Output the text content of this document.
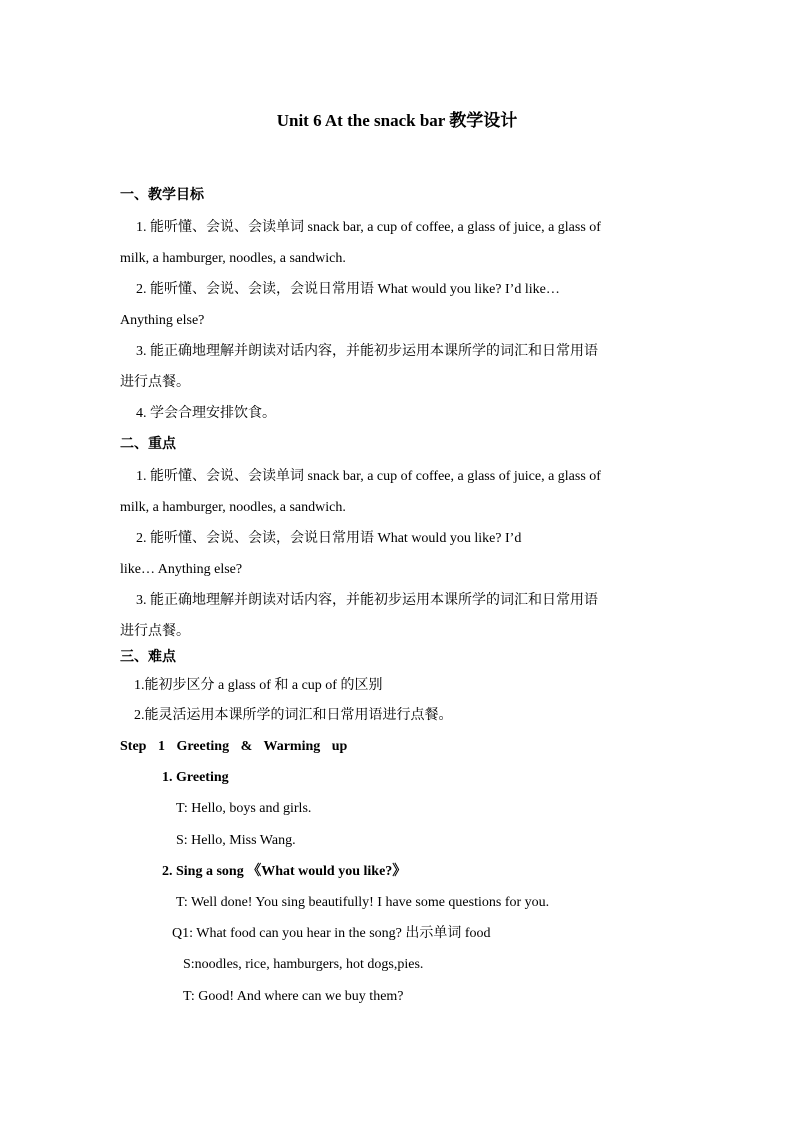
Unit 6 At the snack bar 教学设计
一、教学目标
1. 能听懂、会说、会读单词 snack bar, a cup of coffee, a glass of juice, a glass of
milk, a hamburger, noodles, a sandwich.
2. 能听懂、会说、会读，会说日常用语 What would you like? I’d like…
Anything else?
3. 能正确地理解并朗读对话内容，并能初步运用本课所学的词汇和日常用语
进行点餐。
4. 学会合理安排饮食。
二、重点
1. 能听懂、会说、会读单词 snack bar, a cup of coffee, a glass of juice, a glass of
milk, a hamburger, noodles, a sandwich.
2. 能听懂、会说、会读，会说日常用语 What would you like? I’d
like… Anything else?
3. 能正确地理解并朗读对话内容，并能初步运用本课所学的词汇和日常用语
进行点餐。
三、难点
1.能初步区分 a glass of 和 a cup of 的区别
2.能灵活运用本课所学的词汇和日常用语进行点餐。
Step 1 Greeting & Warming up
1. Greeting
T: Hello, boys and girls.
S: Hello, Miss Wang.
2. Sing a song 《What would you like?》
T: Well done! You sing beautifully! I have some questions for you.
Q1: What food can you hear in the song? 出示单词 food
S:noodles, rice, hamburgers, hot dogs,pies.
T: Good! And where can we buy them?
